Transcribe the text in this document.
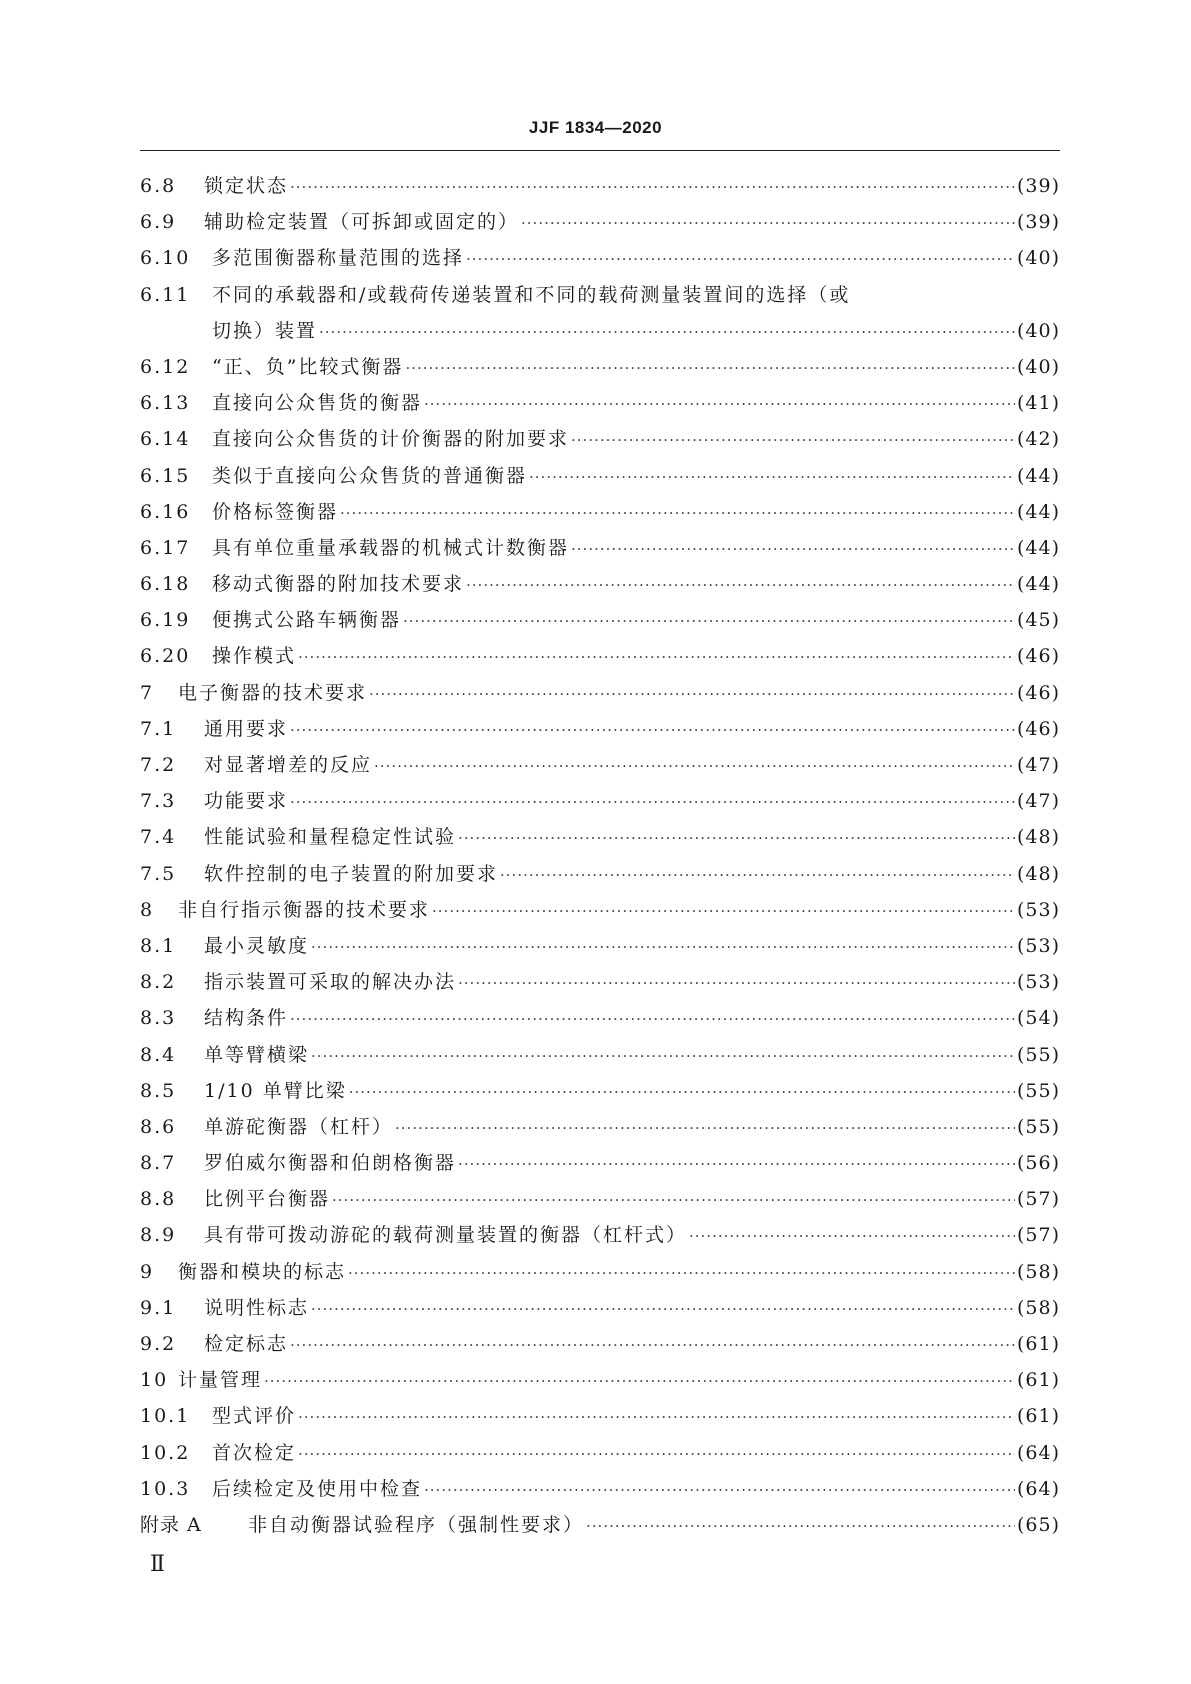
JJF 1834—2020
6.8	锁定状态 ·····	(39)
6.9	辅助检定装置（可拆卸或固定的） ·····	(39)
6.10	多范围衡器称量范围的选择 ·····	(40)
6.11	不同的承载器和/或载荷传递装置和不同的载荷测量装置间的选择（或
切换）装置 ·····	(40)
6.12	“正、负”比较式衡器 ·····	(40)
6.13	直接向公众售货的衡器 ·····	(41)
6.14	直接向公众售货的计价衡器的附加要求 ·····	(42)
6.15	类似于直接向公众售货的普通衡器 ·····	(44)
6.16	价格标签衡器 ·····	(44)
6.17	具有单位重量承载器的机械式计数衡器 ·····	(44)
6.18	移动式衡器的附加技术要求 ·····	(44)
6.19	便携式公路车辆衡器 ·····	(45)
6.20	操作模式 ·····	(46)
7	电子衡器的技术要求 ·····	(46)
7.1	通用要求 ·····	(46)
7.2	对显著增差的反应 ·····	(47)
7.3	功能要求 ·····	(47)
7.4	性能试验和量程稳定性试验 ·····	(48)
7.5	软件控制的电子装置的附加要求 ·····	(48)
8	非自行指示衡器的技术要求 ·····	(53)
8.1	最小灵敏度 ·····	(53)
8.2	指示装置可采取的解决办法 ·····	(53)
8.3	结构条件 ·····	(54)
8.4	单等臂横梁 ·····	(55)
8.5	1/10 单臂比梁 ·····	(55)
8.6	单游砣衡器（杠杆） ·····	(55)
8.7	罗伯威尔衡器和伯朗格衡器 ·····	(56)
8.8	比例平台衡器 ·····	(57)
8.9	具有带可拨动游砣的载荷测量装置的衡器（杠杆式） ·····	(57)
9	衡器和模块的标志 ·····	(58)
9.1	说明性标志 ·····	(58)
9.2	检定标志 ·····	(61)
10 计量管理 ·····	(61)
10.1	型式评价 ·····	(61)
10.2	首次检定 ·····	(64)
10.3	后续检定及使用中检查 ·····	(64)
附录 A	非自动衡器试验程序（强制性要求） ·····	(65)
Ⅱ
